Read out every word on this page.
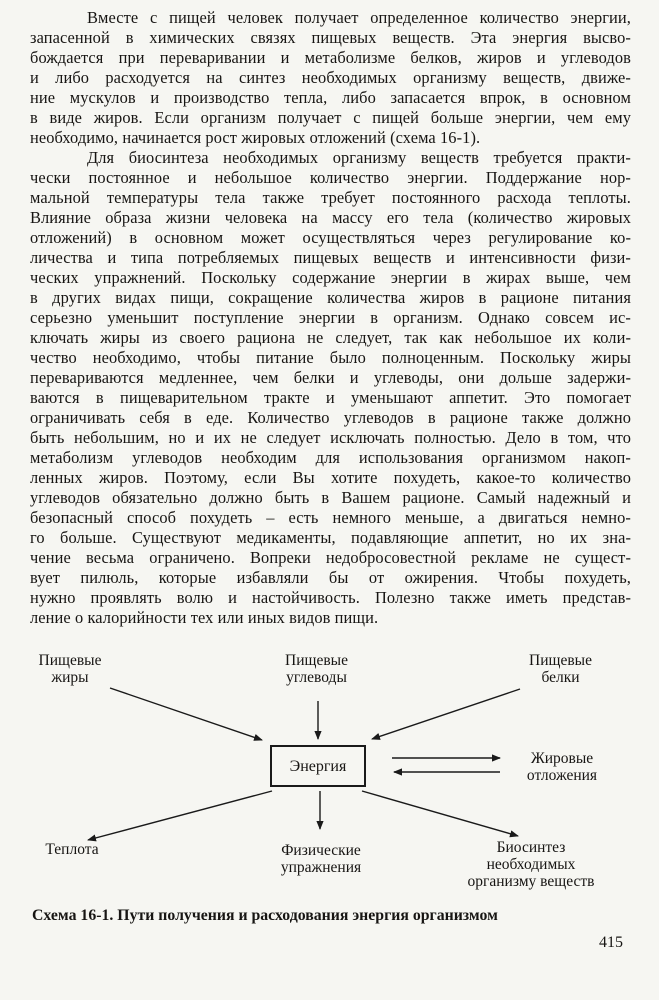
Вместе с пищей человек получает определенное количество энергии,
запасенной в химических связях пищевых веществ. Эта энергия высво-
бождается при переваривании и метаболизме белков, жиров и углеводов
и либо расходуется на синтез необходимых организму веществ, движе-
ние мускулов и производство тепла, либо запасается впрок, в основном
в виде жиров. Если организм получает с пищей больше энергии, чем ему
необходимо, начинается рост жировых отложений (схема 16-1).
Для биосинтеза необходимых организму веществ требуется практи-
чески постоянное и небольшое количество энергии. Поддержание нор-
мальной температуры тела также требует постоянного расхода теплоты.
Влияние образа жизни человека на массу его тела (количество жировых
отложений) в основном может осуществляться через регулирование ко-
личества и типа потребляемых пищевых веществ и интенсивности физи-
ческих упражнений. Поскольку содержание энергии в жирах выше, чем
в других видах пищи, сокращение количества жиров в рационе питания
серьезно уменьшит поступление энергии в организм. Однако совсем ис-
ключать жиры из своего рациона не следует, так как небольшое их коли-
чество необходимо, чтобы питание было полноценным. Поскольку жиры
перевариваются медленнее, чем белки и углеводы, они дольше задержи-
ваются в пищеварительном тракте и уменьшают аппетит. Это помогает
ограничивать себя в еде. Количество углеводов в рационе также должно
быть небольшим, но и их не следует исключать полностью. Дело в том, что
метаболизм углеводов необходим для использования организмом накоп-
ленных жиров. Поэтому, если Вы хотите похудеть, какое-то количество
углеводов обязательно должно быть в Вашем рационе. Самый надежный и
безопасный способ похудеть – есть немного меньше, а двигаться немно-
го больше. Существуют медикаменты, подавляющие аппетит, но их зна-
чение весьма ограничено. Вопреки недобросовестной рекламе не сущест-
вует пилюль, которые избавляли бы от ожирения. Чтобы похудеть,
нужно проявлять волю и настойчивость. Полезно также иметь представ-
ление о калорийности тех или иных видов пищи.
Пищевые
жиры
Пищевые
углеводы
Пищевые
белки
Энергия	Жировые
отложения
Теплота	Физические
упражнения
Биосинтез
необходимых
организму веществ
Схема 16-1. Пути получения и расходования энергия организмом
415
